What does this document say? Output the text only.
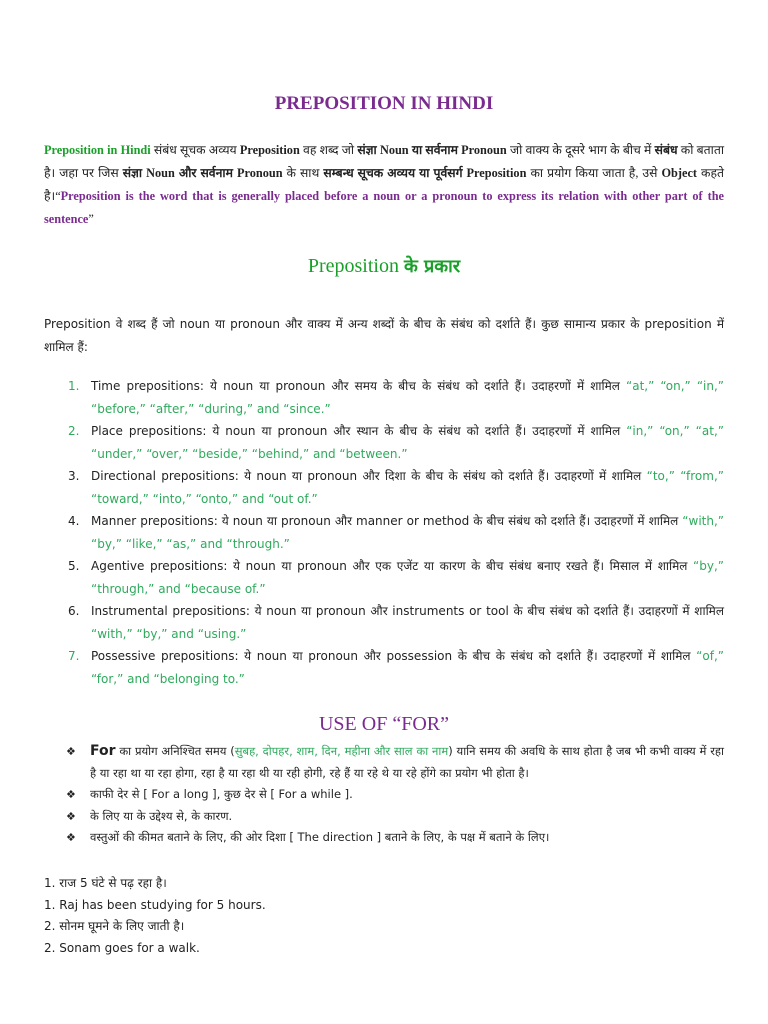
PREPOSITION IN HINDI
Preposition in Hindi संबंध सूचक अव्यय Preposition वह शब्द जो संज्ञा Noun या सर्वनाम Pronoun जो वाक्य के दूसरे भाग के बीच में संबंध को बताता है। जहा पर जिस संज्ञा Noun और सर्वनाम Pronoun के साथ सम्बन्ध सूचक अव्यय या पूर्वसर्ग Preposition का प्रयोग किया जाता है, उसे Object कहते है।“Preposition is the word that is generally placed before a noun or a pronoun to express its relation with other part of the sentence”
Preposition के प्रकार
Preposition वे शब्द हैं जो noun या pronoun और वाक्य में अन्य शब्दों के बीच के संबंध को दर्शाते हैं। कुछ सामान्य प्रकार के preposition में शामिल हैं:
1. Time prepositions: ये noun या pronoun और समय के बीच के संबंध को दर्शाते हैं। उदाहरणों में शामिल “at,” “on,” “in,” “before,” “after,” “during,” and “since.”
2. Place prepositions: ये noun या pronoun और स्थान के बीच के संबंध को दर्शाते हैं। उदाहरणों में शामिल “in,” “on,” “at,” “under,” “over,” “beside,” “behind,” and “between.”
3. Directional prepositions: ये noun या pronoun और दिशा के बीच के संबंध को दर्शाते हैं। उदाहरणों में शामिल “to,” “from,” “toward,” “into,” “onto,” and “out of.”
4. Manner prepositions: ये noun या pronoun और manner or method के बीच संबंध को दर्शाते हैं। उदाहरणों में शामिल “with,” “by,” “like,” “as,” and “through.”
5. Agentive prepositions: ये noun या pronoun और एक एजेंट या कारण के बीच संबंध बनाए रखते हैं। मिसाल में शामिल “by,” “through,” and “because of.”
6. Instrumental prepositions: ये noun या pronoun और instruments or tool के बीच संबंध को दर्शाते हैं। उदाहरणों में शामिल “with,” “by,” and “using.”
7. Possessive prepositions: ये noun या pronoun और possession के बीच के संबंध को दर्शाते हैं। उदाहरणों में शामिल “of,” “for,” and “belonging to.”
USE OF “FOR”
❖ For का प्रयोग अनिश्चित समय (सुबह, दोपहर, शाम, दिन, महीना और साल का नाम) यानि समय की अवधि के साथ होता है जब भी कभी वाक्य में रहा है या रहा था या रहा होगा, रहा है या रहा थी या रही होगी, रहे हैं या रहे थे या रहे होंगे का प्रयोग भी होता है।
❖ काफी देर से [ For a long ], कुछ देर से [ For a while ].
❖ के लिए या के उद्देश्य से, के कारण.
❖ वस्तुओं की कीमत बताने के लिए, की ओर दिशा [ The direction ] बताने के लिए, के पक्ष में बताने के लिए।
1. राज 5 घंटे से पढ़ रहा है।
1. Raj has been studying for 5 hours.
2. सोनम घूमने के लिए जाती है।
2. Sonam goes for a walk.
